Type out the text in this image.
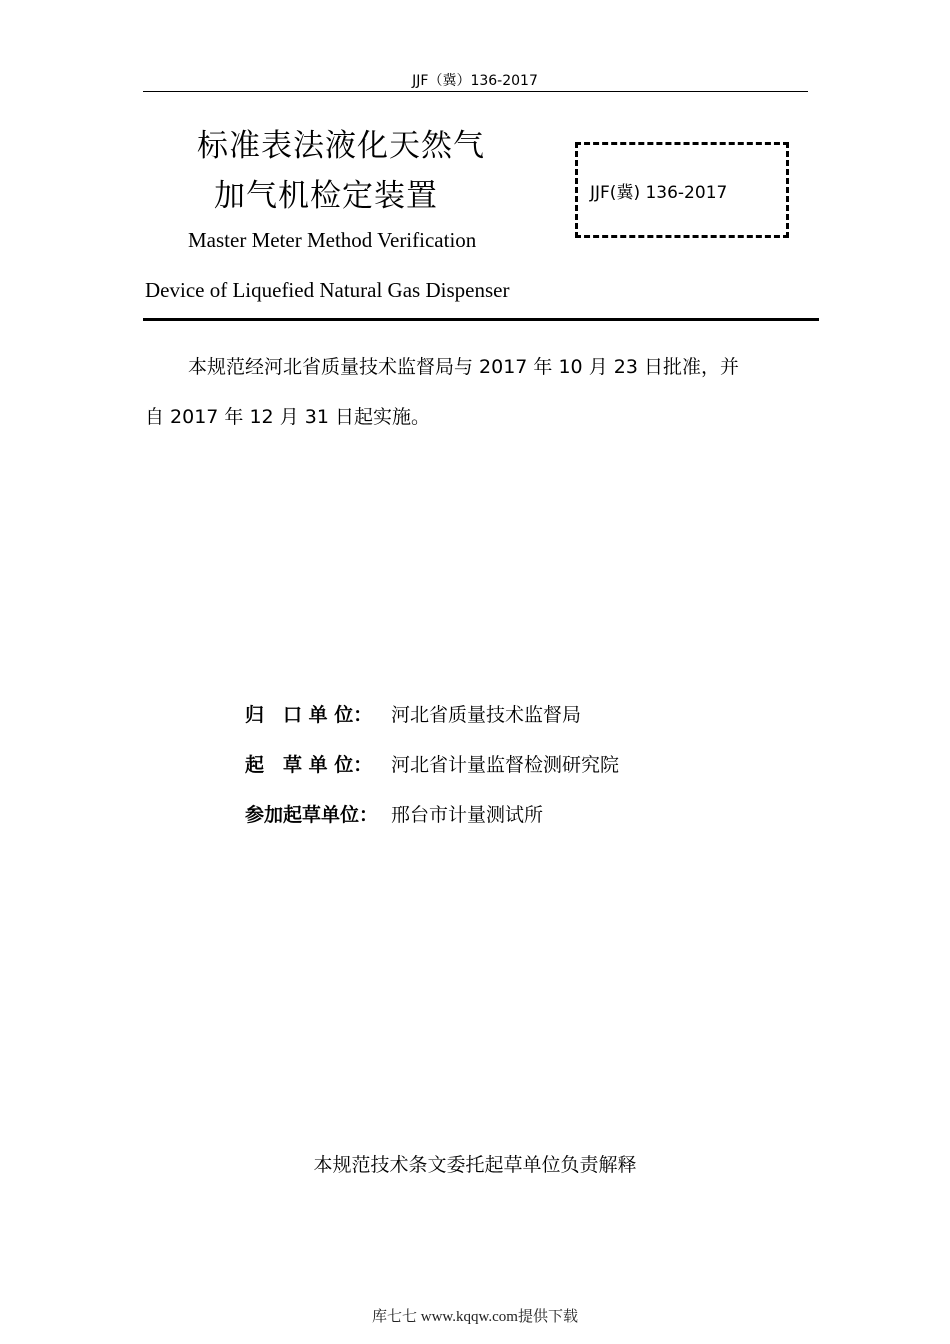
JJF（冀）136-2017
标准表法液化天然气
加气机检定装置
Master Meter Method Verification
Device of Liquefied Natural Gas Dispenser
JJF(冀) 136-2017
本规范经河北省质量技术监督局与 2017 年 10 月 23 日批准，并
自 2017 年 12 月 31 日起实施。
归　口 单 位： 河北省质量技术监督局
起　草 单 位： 河北省计量监督检测研究院
参加起草单位： 邢台市计量测试所
本规范技术条文委托起草单位负责解释
库七七 www.kqqw.com提供下载
